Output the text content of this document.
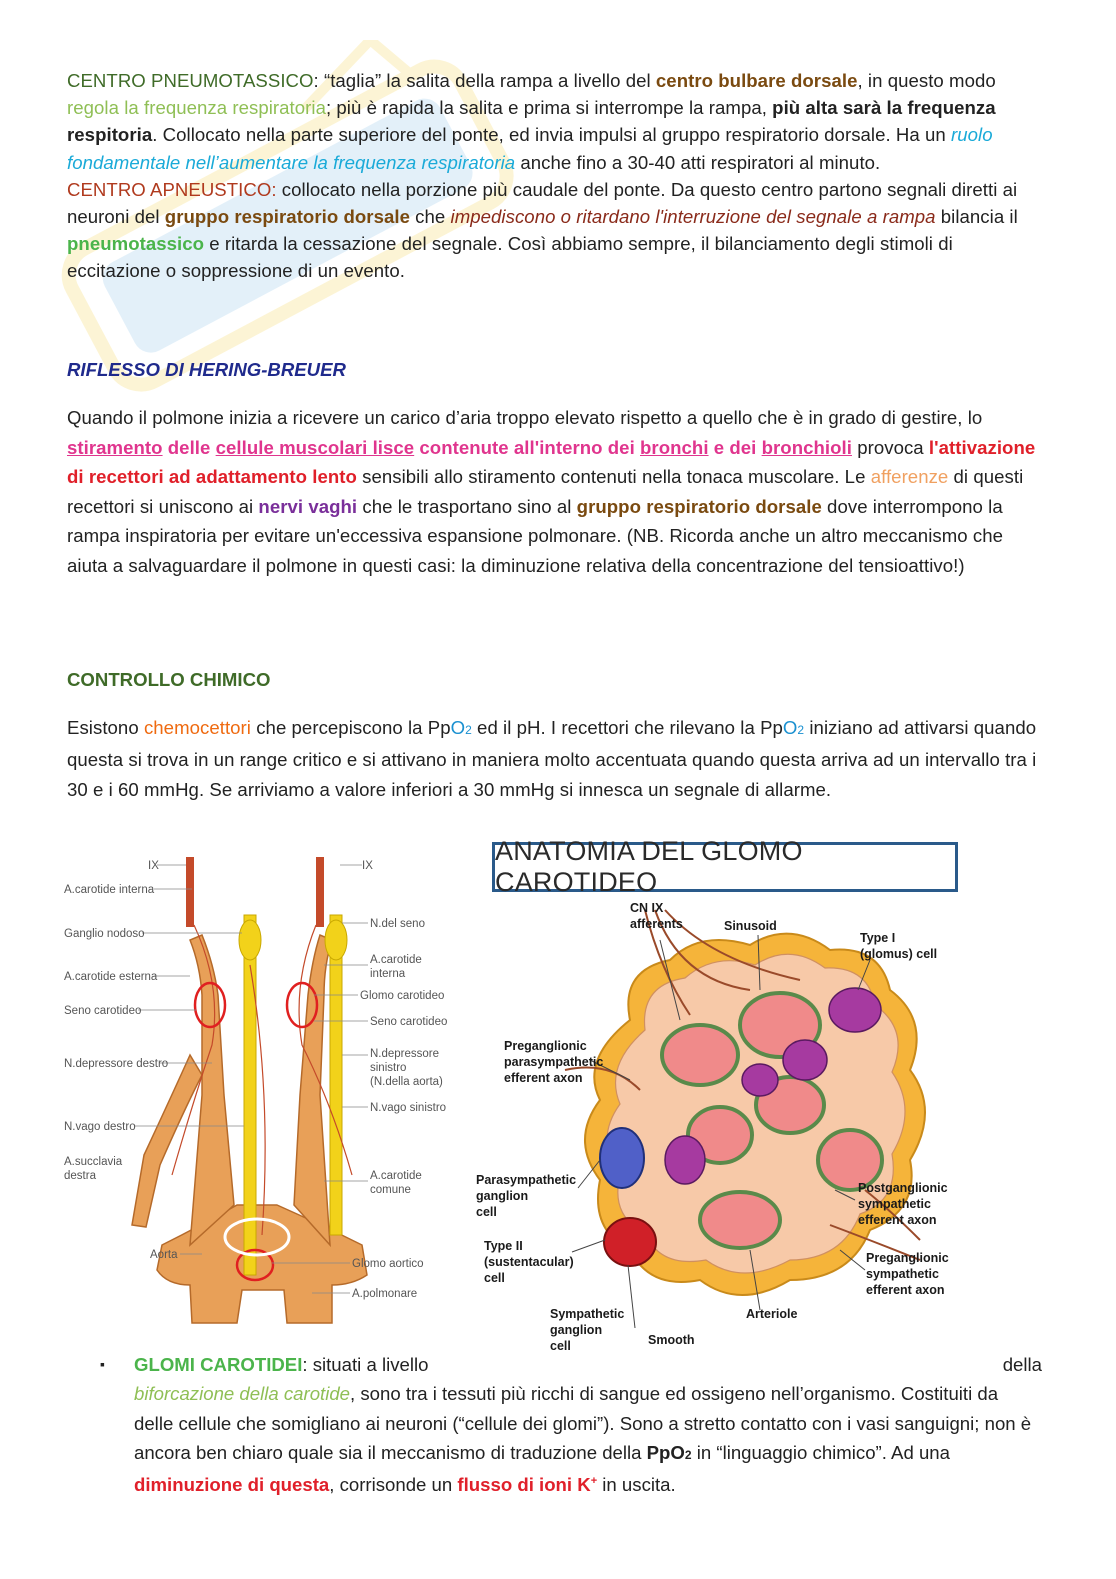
CENTRO PNEUMOTASSICO: “taglia” la salita della rampa a livello del centro bulbare dorsale, in questo modo regola la frequenza respiratoria; più è rapida la salita e prima si interrompe la rampa, più alta sarà la frequenza respitoria. Collocato nella parte superiore del ponte, ed invia impulsi al gruppo respiratorio dorsale. Ha un ruolo fondamentale nell’aumentare la frequenza respiratoria anche fino a 30-40 atti respiratori al minuto.

CENTRO APNEUSTICO: collocato nella porzione più caudale del ponte. Da questo centro partono segnali diretti ai neuroni del gruppo respiratorio dorsale che impediscono o ritardano l'interruzione del segnale a rampa bilancia il pneumotassico e ritarda la cessazione del segnale. Così abbiamo sempre, il bilanciamento degli stimoli di eccitazione o soppressione di un evento.

RIFLESSO DI HERING-BREUER

Quando il polmone inizia a ricevere un carico d’aria troppo elevato rispetto a quello che è in grado di gestire, lo stiramento delle cellule muscolari lisce contenute all'interno dei bronchi e dei bronchioli provoca l'attivazione di recettori ad adattamento lento sensibili allo stiramento contenuti nella tonaca muscolare. Le afferenze di questi recettori si uniscono ai nervi vaghi che le trasportano sino al gruppo respiratorio dorsale dove interrompono la rampa inspiratoria per evitare un'eccessiva espansione polmonare. (NB. Ricorda anche un altro meccanismo che aiuta a salvaguardare il polmone in questi casi: la diminuzione relativa della concentrazione del tensioattivo!)

CONTROLLO CHIMICO

Esistono chemocettori che percepiscono la PpO2 ed il pH. I recettori che rilevano la PpO2 iniziano ad attivarsi quando questa si trova in un range critico e si attivano in maniera molto accentuata quando questa arriva ad un intervallo tra i 30 e i 60 mmHg. Se arriviamo a valore inferiori a 30 mmHg si innesca un segnale di allarme.

IX
A.carotide interna
Ganglio nodoso
A.carotide esterna
Seno carotideo
N.depressore destro
N.vago destro
A.succlavia
destra
Aorta
IX
N.del seno
A.carotide
interna
Glomo carotideo
Seno carotideo
N.depressore
sinistro
(N.della aorta)
N.vago sinistro
A.carotide
comune
Glomo aortico
A.polmonare
ANATOMIA DEL GLOMO CAROTIDEO
CN IX
afferents	Sinusoid
Type I
(glomus) cell
Preganglionic
parasympathetic
efferent axon
Parasympathetic
ganglion
cell
Type II
(sustentacular)
cell
Postganglionic
sympathetic
efferent axon
Preganglionic
sympathetic
efferent axon
Sympathetic
ganglion
cell	Smooth
Arteriole
▪ GLOMI CAROTIDEI: situati a livello	della

biforcazione della carotide, sono tra i tessuti più ricchi di sangue ed ossigeno nell’organismo. Costituiti da delle cellule che somigliano ai neuroni (“cellule dei glomi”). Sono a stretto contatto con i vasi sanguigni; non è ancora ben chiaro quale sia il meccanismo di traduzione della PpO2 in “linguaggio chimico”. Ad una diminuzione di questa, corrisonde un flusso di ioni K+ in uscita.
